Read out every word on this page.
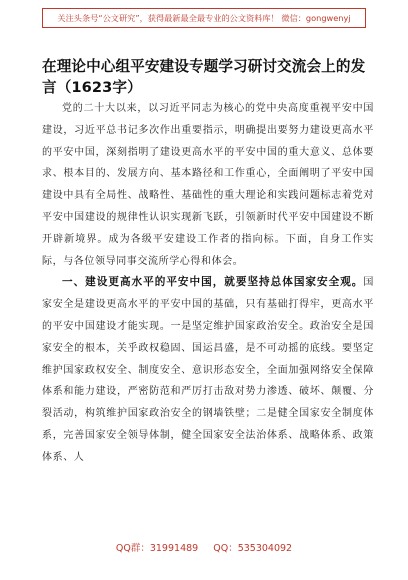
关注头条号“公文研究”，获得最新最全最专业的公文资料库！ 微信：gongwenyj
在理论中心组平安建设专题学习研讨交流会上的发言（1623字）

党的二十大以来，以习近平同志为核心的党中央高度重视平安中国建设，习近平总书记多次作出重要指示，明确提出要努力建设更高水平的平安中国，深刻指明了建设更高水平的平安中国的重大意义、总体要求、根本目的、发展方向、基本路径和工作重心，全面阐明了平安中国建设中具有全局性、战略性、基础性的重大理论和实践问题标志着党对平安中国建设的规律性认识实现新飞跃，引领新时代平安中国建设不断开辟新境界。成为各级平安建设工作者的指向标。下面，自身工作实际，与各位领导同事交流所学心得和体会。

一、建设更高水平的平安中国，就要坚持总体国家安全观。国家安全是建设更高水平的平安中国的基础，只有基础打得牢，更高水平的平安中国建设才能实现。一是坚定维护国家政治安全。政治安全是国家安全的根本，关乎政权稳固、国运昌盛，是不可动摇的底线。要坚定维护国家政权安全、制度安全、意识形态安全，全面加强网络安全保障体系和能力建设，严密防范和严厉打击敌对势力渗透、破坏、颠覆、分裂活动，构筑维护国家政治安全的钢墙铁壁；二是健全国家安全制度体系，完善国家安全领导体制，健全国家安全法治体系、战略体系、政策体系、人

QQ群：31991489 QQ：535304092
